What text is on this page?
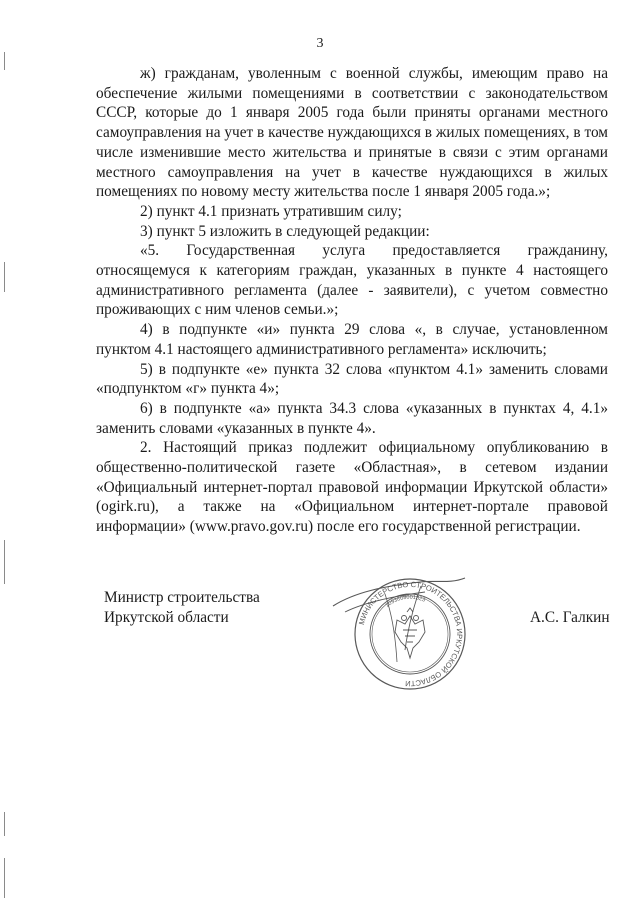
3

ж) гражданам, уволенным с военной службы, имеющим право на обеспечение жилыми помещениями в соответствии с законодательством СССР, которые до 1 января 2005 года были приняты органами местного самоуправления на учет в качестве нуждающихся в жилых помещениях, в том числе изменившие место жительства и принятые в связи с этим органами местного самоуправления на учет в качестве нуждающихся в жилых помещениях по новому месту жительства после 1 января 2005 года.»;

2) пункт 4.1 признать утратившим силу;

3) пункт 5 изложить в следующей редакции:

«5. Государственная услуга предоставляется гражданину, относящемуся к категориям граждан, указанных в пункте 4 настоящего административного регламента (далее - заявители), с учетом совместно проживающих с ним членов семьи.»;

4) в подпункте «и» пункта 29 слова «, в случае, установленном пунктом 4.1 настоящего административного регламента» исключить;

5) в подпункте «е» пункта 32 слова «пунктом 4.1» заменить словами «подпунктом «г» пункта 4»;

6) в подпункте «а» пункта 34.3 слова «указанных в пунктах 4, 4.1» заменить словами «указанных в пункте 4».

2. Настоящий приказ подлежит официальному опубликованию в общественно-политической газете «Областная», в сетевом издании «Официальный интернет-портал правовой информации Иркутской области» (ogirk.ru), а также на «Официальном интернет-портале правовой информации» (www.pravo.gov.ru) после его государственной регистрации.

Министр строительства
Иркутской области	А.С. Галкин
МИНИСТЕРСТВО СТРОИТЕЛЬСТВА ИРКУТСКОЙ ОБЛАСТИ
1093808001823
